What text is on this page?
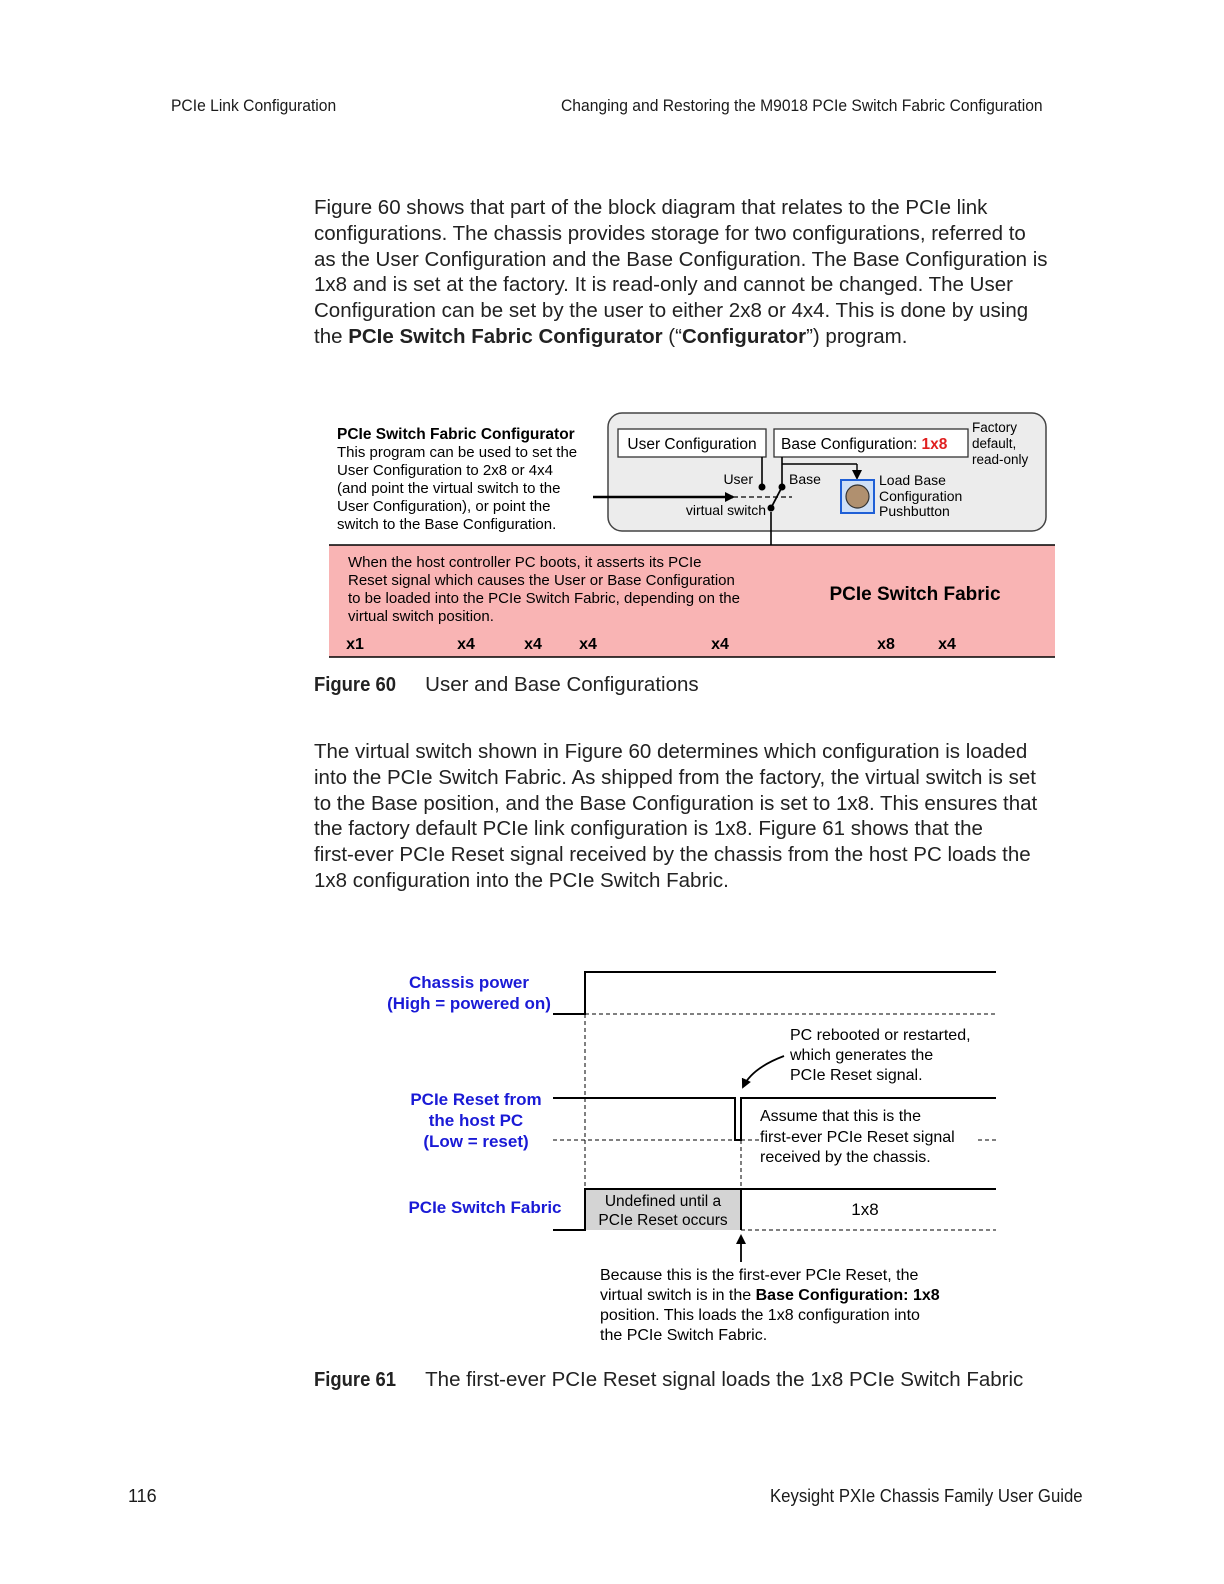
PCIe Link Configuration	Changing and Restoring the M9018 PCIe Switch Fabric Configuration
Figure 60 shows that part of the block diagram that relates to the PCIe link
configurations. The chassis provides storage for two configurations, referred to
as the User Configuration and the Base Configuration. The Base Configuration is
1x8 and is set at the factory. It is read-only and cannot be changed. The User
Configuration can be set by the user to either 2x8 or 4x4. This is done by using
the PCIe Switch Fabric Configurator (“Configurator”) program.
PCIe Switch Fabric Configurator
This program can be used to set the
User Configuration to 2x8 or 4x4
(and point the virtual switch to the
User Configuration), or point the
switch to the Base Configuration.
User Configuration Base Configuration: 1x8
Factory
default,
read-only
User	Base
virtual switch
Load Base
Configuration
Pushbutton
When the host controller PC boots, it asserts its PCIe
Reset signal which causes the User or Base Configuration
to be loaded into the PCIe Switch Fabric, depending on the
virtual switch position.
PCIe Switch Fabric
x1	x4	x4 x4	x4	x8	x4
Figure 60 User and Base Configurations
The virtual switch shown in Figure 60 determines which configuration is loaded
into the PCIe Switch Fabric. As shipped from the factory, the virtual switch is set
to the Base position, and the Base Configuration is set to 1x8. This ensures that
the factory default PCIe link configuration is 1x8. Figure 61 shows that the
first-ever PCIe Reset signal received by the chassis from the host PC loads the
1x8 configuration into the PCIe Switch Fabric.
Chassis power
(High = powered on)
PCIe Reset from
the host PC
(Low = reset)
PCIe Switch Fabric	Undefined until a
PCIe Reset occurs
1x8
PC rebooted or restarted,
which generates the
PCIe Reset signal.
Assume that this is the
first-ever PCIe Reset signal
received by the chassis.
Because this is the first-ever PCIe Reset, the
virtual switch is in the Base Configuration: 1x8
position. This loads the 1x8 configuration into
the PCIe Switch Fabric.
Figure 61 The first-ever PCIe Reset signal loads the 1x8 PCIe Switch Fabric
116	Keysight PXIe Chassis Family User Guide
